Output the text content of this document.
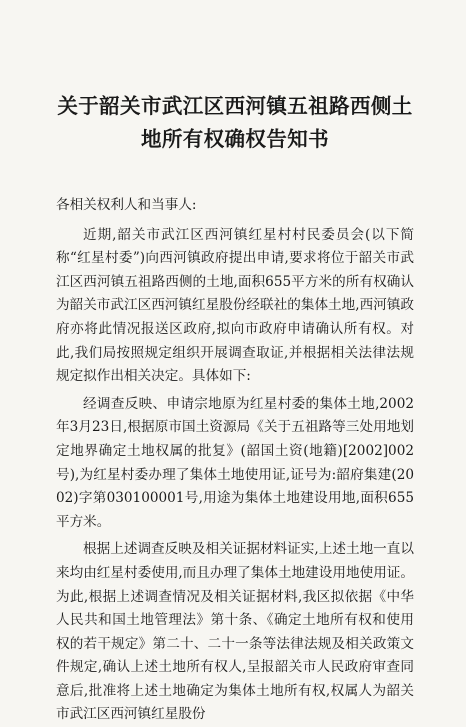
关于韶关市武江区西河镇五祖路西侧土地所有权确权告知书

各相关权利人和当事人:

近期,韶关市武江区西河镇红星村村民委员会(以下简称“红星村委”)向西河镇政府提出申请,要求将位于韶关市武江区西河镇五祖路西侧的土地,面积655平方米的所有权确认为韶关市武江区西河镇红星股份经联社的集体土地,西河镇政府亦将此情况报送区政府,拟向市政府申请确认所有权。对此,我们局按照规定组织开展调查取证,并根据相关法律法规规定拟作出相关决定。具体如下:

经调查反映、申请宗地原为红星村委的集体土地,2002年3月23日,根据原市国土资源局《关于五祖路等三处用地划定地界确定土地权属的批复》(韶国土资(地籍)[2002]002号),为红星村委办理了集体土地使用证,证号为:韶府集建(2002)字第030100001号,用途为集体土地建设用地,面积655平方米。

根据上述调查反映及相关证据材料证实,上述土地一直以来均由红星村委使用,而且办理了集体土地建设用地使用证。为此,根据上述调查情况及相关证据材料,我区拟依据《中华人民共和国土地管理法》第十条、《确定土地所有权和使用权的若干规定》第二十、二十一条等法律法规及相关政策文件规定,确认上述土地所有权人,呈报韶关市人民政府审查同意后,批准将上述土地确定为集体土地所有权,权属人为韶关市武江区西河镇红星股份
